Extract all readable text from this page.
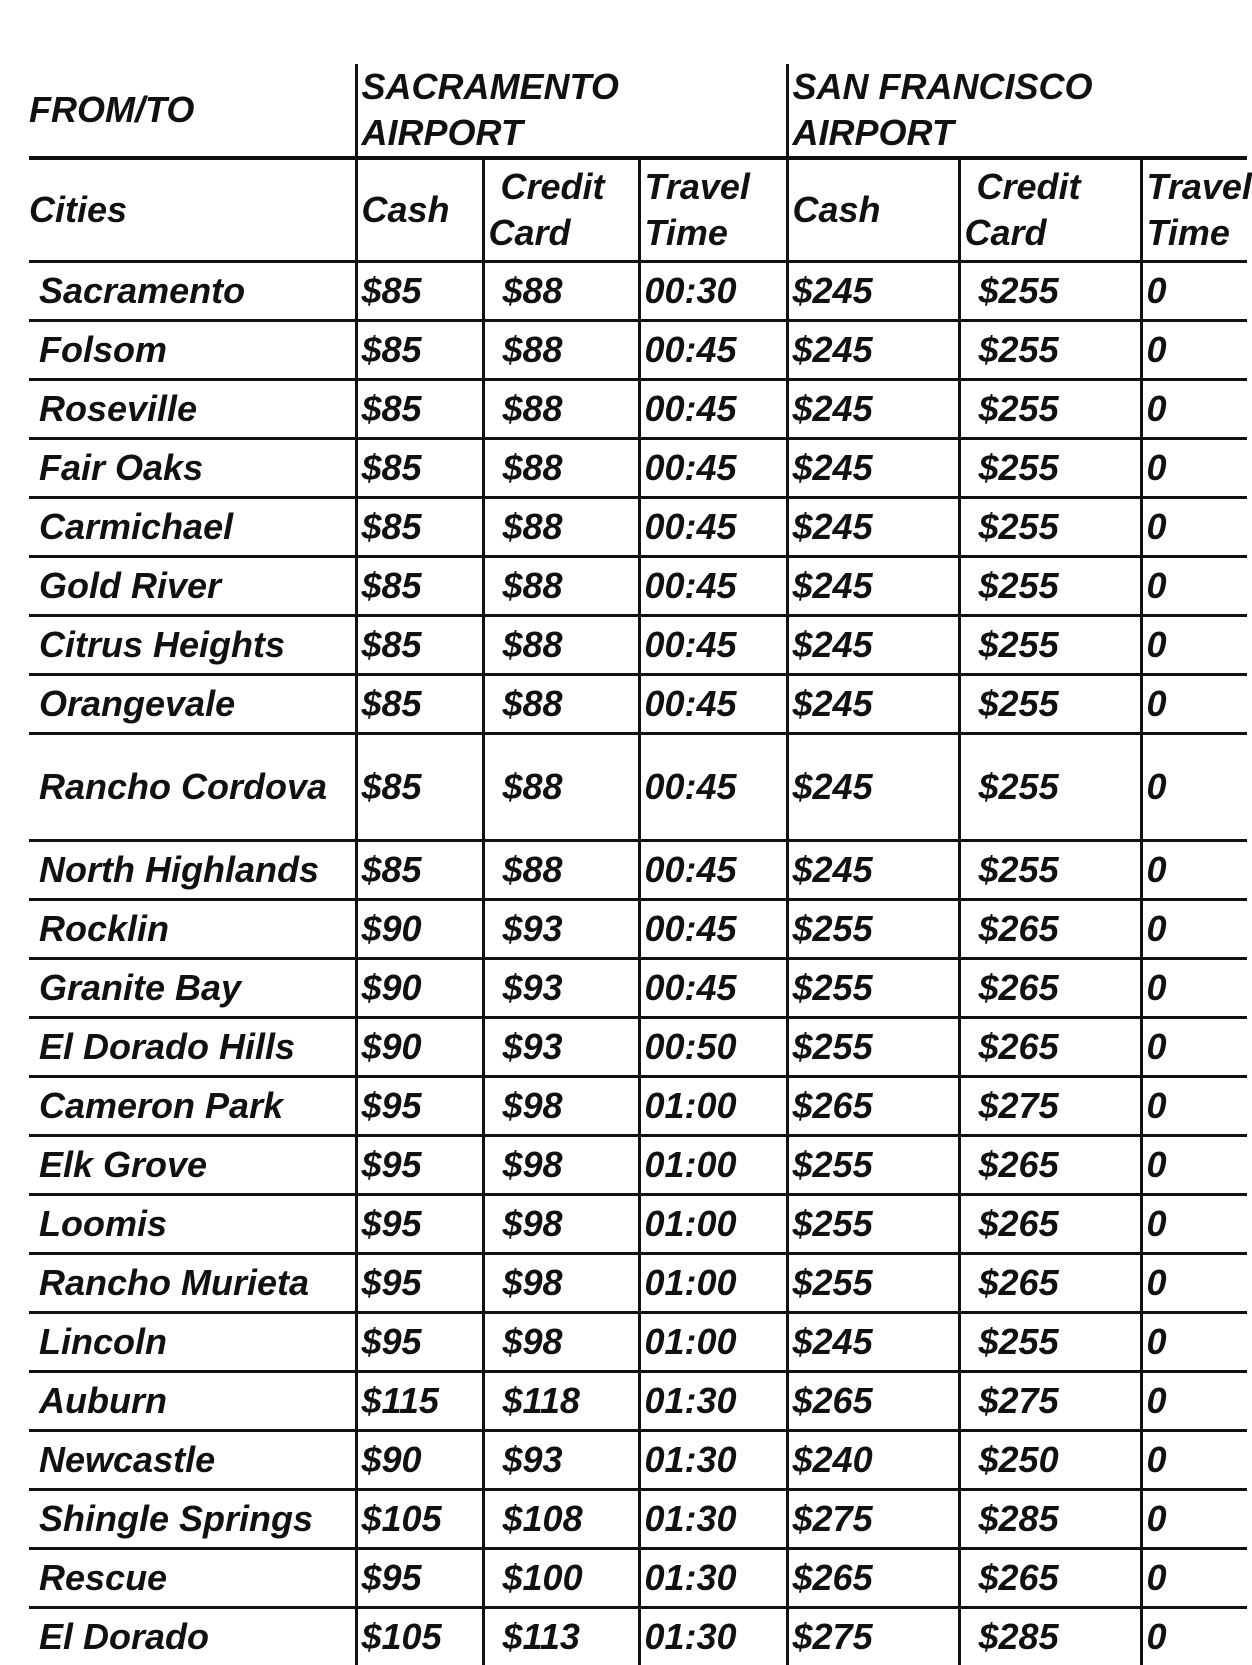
FROM/TO	SACRAMENTO AIRPORT			SAN FRANCISCO AIRPORT		

Cities	Cash	Credit Card	Travel Time	Cash	Credit Card	Travel Time
Sacramento	$85	$88	00:30	$245	$255	0
Folsom	$85	$88	00:45	$245	$255	0
Roseville	$85	$88	00:45	$245	$255	0
Fair Oaks	$85	$88	00:45	$245	$255	0
Carmichael	$85	$88	00:45	$245	$255	0
Gold River	$85	$88	00:45	$245	$255	0
Citrus Heights	$85	$88	00:45	$245	$255	0
Orangevale	$85	$88	00:45	$245	$255	0
Rancho Cordova	$85	$88	00:45	$245	$255	0
North Highlands	$85	$88	00:45	$245	$255	0
Rocklin	$90	$93	00:45	$255	$265	0
Granite Bay	$90	$93	00:45	$255	$265	0
El Dorado Hills	$90	$93	00:50	$255	$265	0
Cameron Park	$95	$98	01:00	$265	$275	0
Elk Grove	$95	$98	01:00	$255	$265	0
Loomis	$95	$98	01:00	$255	$265	0
Rancho Murieta	$95	$98	01:00	$255	$265	0
Lincoln	$95	$98	01:00	$245	$255	0
Auburn	$115	$118	01:30	$265	$275	0
Newcastle	$90	$93	01:30	$240	$250	0
Shingle Springs	$105	$108	01:30	$275	$285	0
Rescue	$95	$100	01:30	$265	$265	0
El Dorado	$105	$113	01:30	$275	$285	0
